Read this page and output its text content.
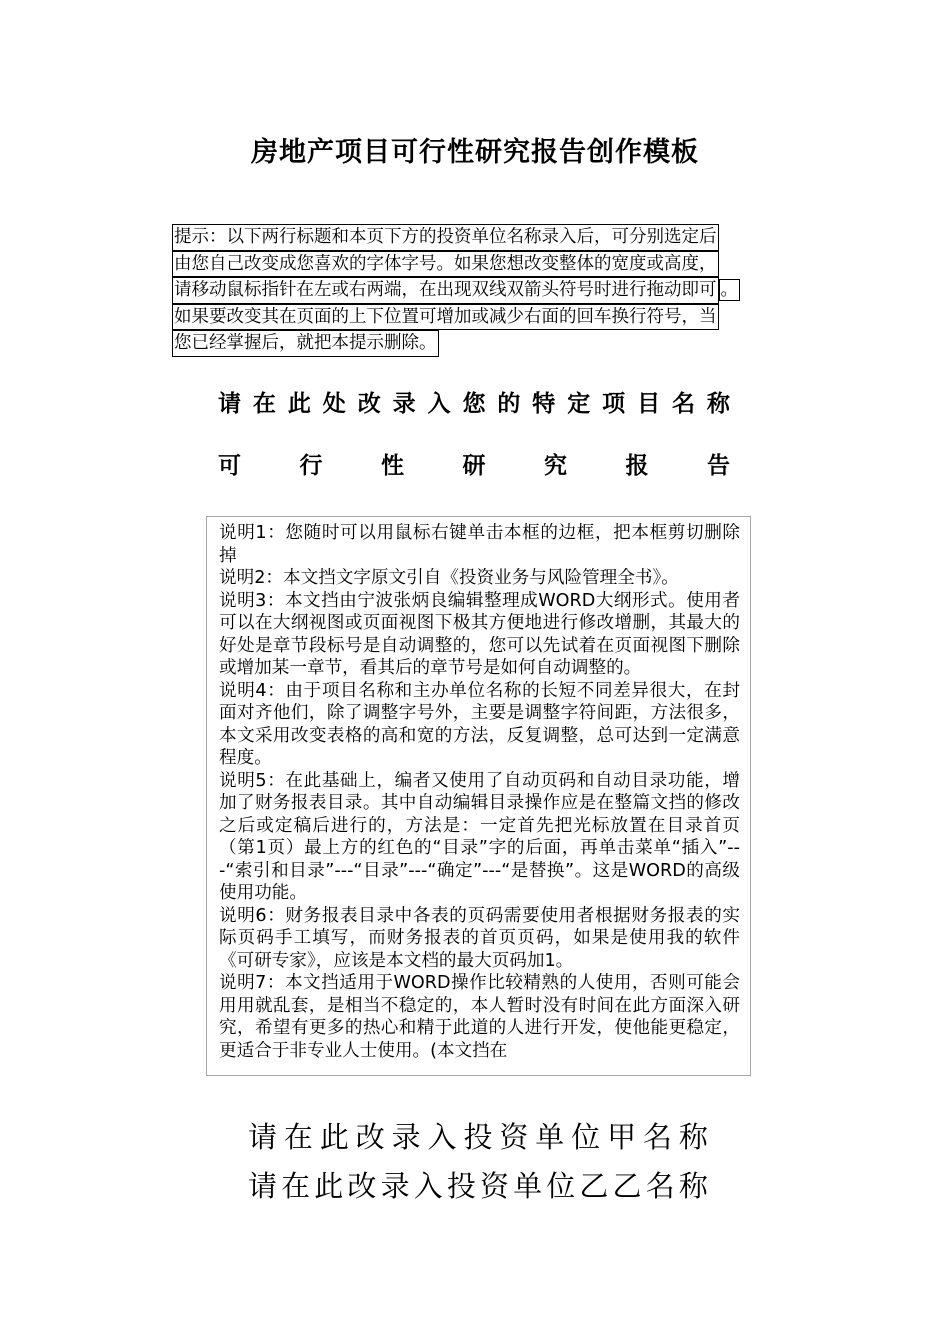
房地产项目可行性研究报告创作模板
提示：以下两行标题和本页下方的投资单位名称录入后，可分别选定后
由您自己改变成您喜欢的字体字号。如果您想改变整体的宽度或高度，
请移动鼠标指针在左或右两端，在出现双线双箭头符号时进行拖动即可 。
如果要改变其在页面的上下位置可增加或减少右面的回车换行符号，当
您已经掌握后，就把本提示删除。
请 在 此 处 改 录 入 您 的 特 定 项 目 名 称
可	行	性	研	究	报	告

说明1：您随时可以用鼠标右键单击本框的边框，把本框剪切删除掉

说明2：本文挡文字原文引自《投资业务与风险管理全书》。

说明3：本文挡由宁波张炳良编辑整理成WORD大纲形式。使用者可以在大纲视图或页面视图下极其方便地进行修改增删，其最大的好处是章节段标号是自动调整的，您可以先试着在页面视图下删除或增加某一章节，看其后的章节号是如何自动调整的。

说明4：由于项目名称和主办单位名称的长短不同差异很大，在封面对齐他们，除了调整字号外，主要是调整字符间距，方法很多，本文采用改变表格的高和宽的方法，反复调整，总可达到一定满意程度。

说明5：在此基础上，编者又使用了自动页码和自动目录功能，增加了财务报表目录。其中自动编辑目录操作应是在整篇文挡的修改之后或定稿后进行的，方法是：一定首先把光标放置在目录首页（第1页）最上方的红色的“目录”字的后面，再单击菜单“插入”---“索引和目录”---“目录”---“确定”---“是替换”。这是WORD的高级使用功能。

说明6：财务报表目录中各表的页码需要使用者根据财务报表的实际页码手工填写，而财务报表的首页页码，如果是使用我的软件《可研专家》，应该是本文档的最大页码加1。

说明7：本文挡适用于WORD操作比较精熟的人使用，否则可能会用用就乱套，是相当不稳定的，本人暂时没有时间在此方面深入研究，希望有更多的热心和精于此道的人进行开发，使他能更稳定，更适合于非专业人士使用。(本文挡在

请 在 此 改 录 入 投 资 单 位 甲 名 称
请 在 此 改 录 入 投 资 单 位 乙 乙 名 称
